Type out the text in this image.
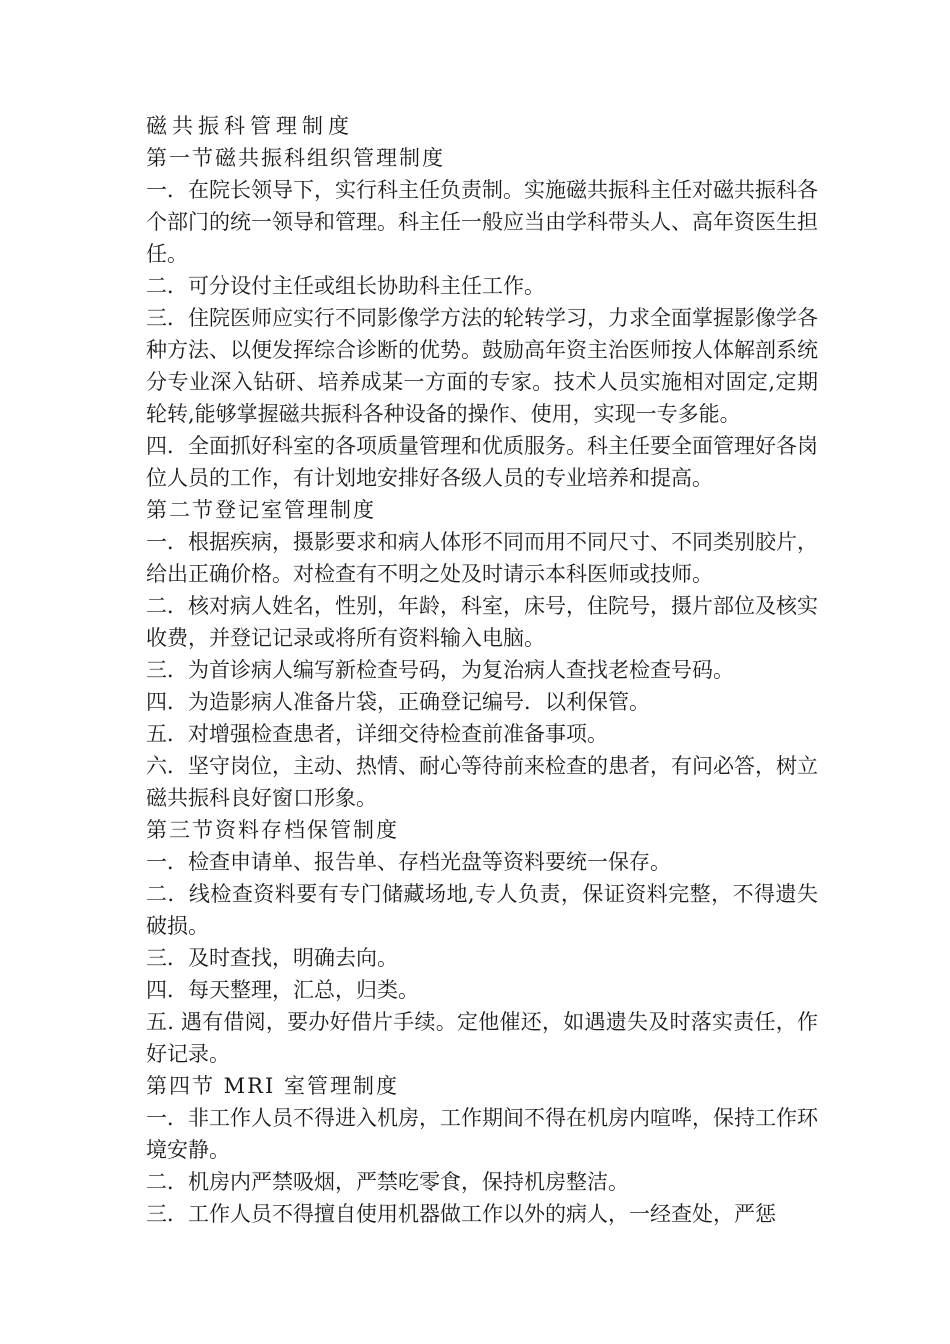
磁共振科管理制度
第一节磁共振科组织管理制度
一．在院长领导下，实行科主任负责制。实施磁共振科主任对磁共振科各个部门的统一领导和管理。科主任一般应当由学科带头人、高年资医生担任。
二．可分设付主任或组长协助科主任工作。
三．住院医师应实行不同影像学方法的轮转学习，力求全面掌握影像学各种方法、以便发挥综合诊断的优势。鼓励高年资主治医师按人体解剖系统分专业深入钻研、培养成某一方面的专家。技术人员实施相对固定,定期轮转,能够掌握磁共振科各种设备的操作、使用，实现一专多能。
四．全面抓好科室的各项质量管理和优质服务。科主任要全面管理好各岗位人员的工作，有计划地安排好各级人员的专业培养和提高。
第二节登记室管理制度
一．根据疾病，摄影要求和病人体形不同而用不同尺寸、不同类别胶片，给出正确价格。对检查有不明之处及时请示本科医师或技师。
二．核对病人姓名，性别，年龄，科室，床号，住院号，摄片部位及核实收费，并登记记录或将所有资料输入电脑。
三．为首诊病人编写新检查号码，为复治病人查找老检查号码。
四．为造影病人准备片袋，正确登记编号．以利保管。
五．对增强检查患者，详细交待检查前准备事项。
六．坚守岗位，主动、热情、耐心等待前来检查的患者，有问必答，树立磁共振科良好窗口形象。
第三节资料存档保管制度
一．检查申请单、报告单、存档光盘等资料要统一保存。
二．线检查资料要有专门储藏场地,专人负责，保证资料完整，不得遗失破损。
三．及时查找，明确去向。
四．每天整理，汇总，归类。
五. 遇有借阅，要办好借片手续。定他催还，如遇遗失及时落实责任，作好记录。
第四节 MRI 室管理制度
一．非工作人员不得进入机房，工作期间不得在机房内喧哗，保持工作环境安静。
二．机房内严禁吸烟，严禁吃零食，保持机房整洁。
三．工作人员不得擅自使用机器做工作以外的病人，一经查处，严惩
